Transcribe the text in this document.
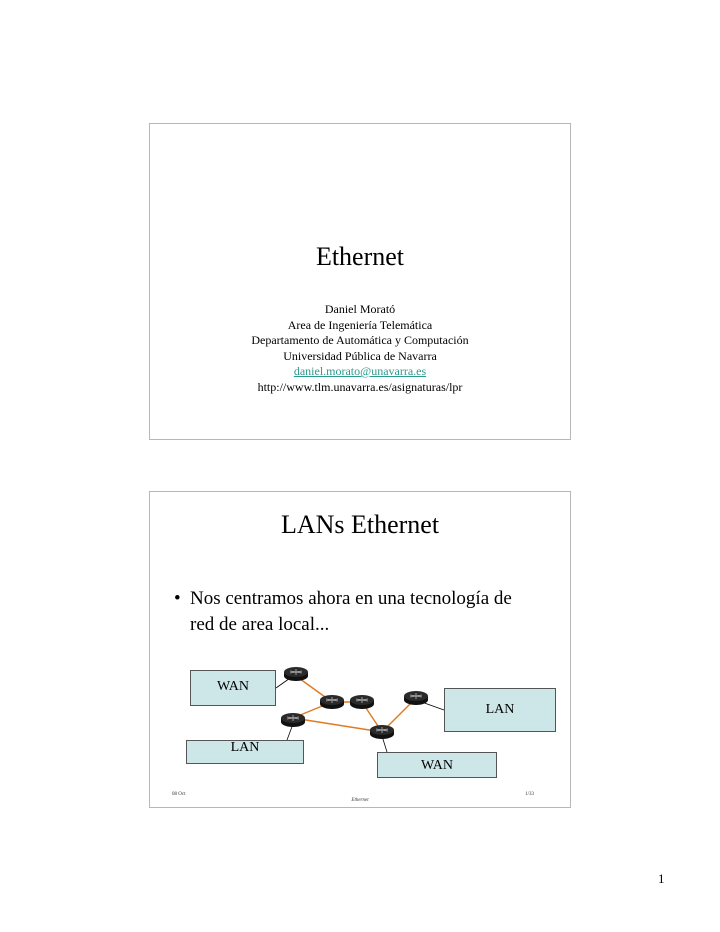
Ethernet
Daniel Morató
Area de Ingeniería Telemática
Departamento de Automática y Computación
Universidad Pública de Navarra
daniel.morato@unavarra.es
http://www.tlm.unavarra.es/asignaturas/lpr
LANs Ethernet
• Nos centramos ahora en una tecnología de red de area local...
WAN
LAN
LAN
WAN
08 Oct
Ethernet
1/33
1
